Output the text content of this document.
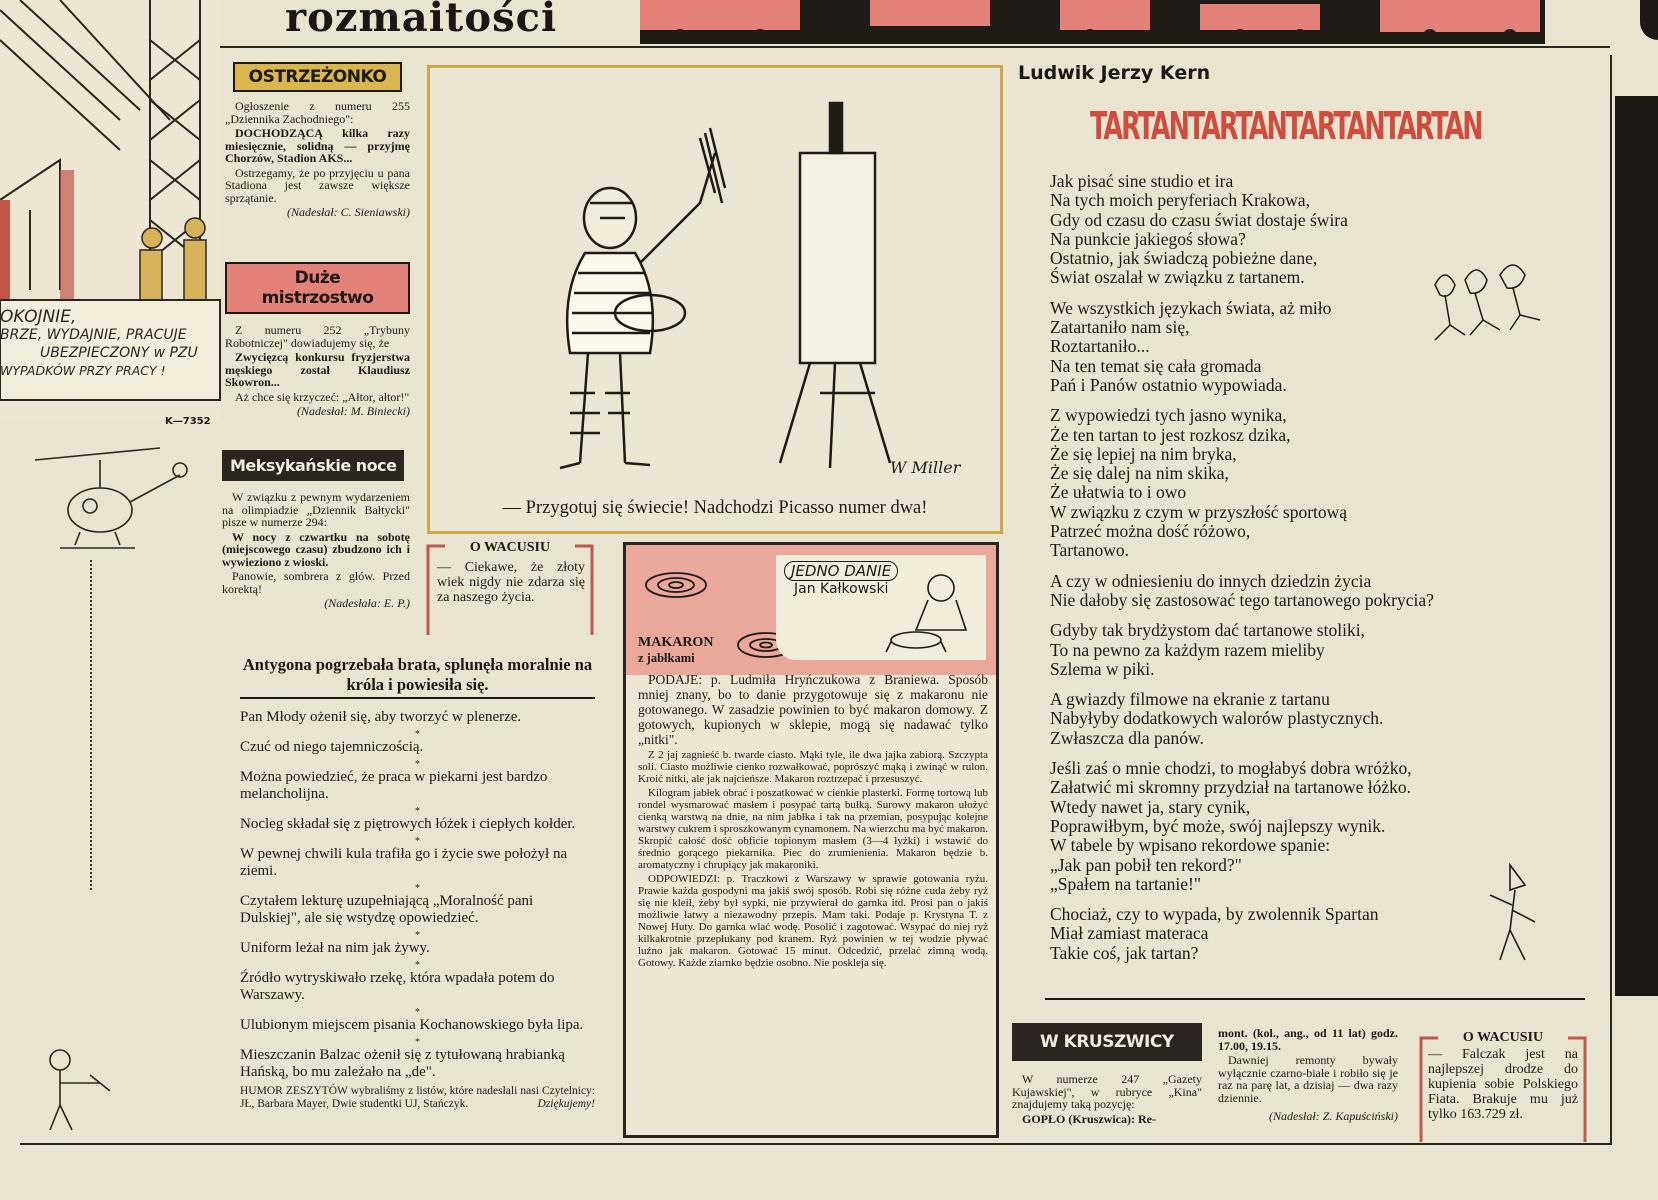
rozmaitości
OKOJNIE,
BRZE, WYDAJNIE, PRACUJE
UBEZPIECZONY w PZU
WYPADKÓW PRZY PRACY !
K—7352
OSTRZEŻONKO

Ogłoszenie z numeru 255 „Dziennika Zachodniego":

DOCHODZĄCĄ kilka razy miesięcznie, solidną — przyjmę Chorzów, Stadion AKS...

Ostrzegamy, że po przyjęciu u pana Stadiona jest zawsze większe sprzątanie.

(Nadesłał: C. Sieniawski)

Duże mistrzostwo

Z numeru 252 „Trybuny Robotniczej" dowiadujemy się, że

Zwycięzcą konkursu fryzjerstwa męskiego został Klaudiusz Skowron...

Aż chce się krzyczeć: „Ałtor, ałtor!"

(Nadesłał: M. Biniecki)

Meksykańskie noce

W związku z pewnym wydarzeniem na olimpiadzie „Dziennik Bałtycki" pisze w numerze 294:

W nocy z czwartku na sobotę (miejscowego czasu) zbudzono ich i wywieziono z wioski.

Panowie, sombrera z głów. Przed korektą!

(Nadesłała: E. P.)

W Miller
— Przygotuj się świecie! Nadchodzi Picasso numer dwa!
O WACUSIU
— Ciekawe, że złoty wiek nigdy nie zdarza się za naszego życia.
Antygona pogrzebała brata, splunęła moralnie na króla i powiesiła się.
Pan Młody ożenił się, aby tworzyć w plenerze.
*
Czuć od niego tajemniczością.
*
Można powiedzieć, że praca w piekarni jest bardzo melancholijna.
*
Nocleg składał się z piętrowych łóżek i ciepłych kołder.
*
W pewnej chwili kula trafiła go i życie swe położył na ziemi.
*
Czytałem lekturę uzupełniającą „Moralność pani Dulskiej", ale się wstydzę opowiedzieć.
*
Uniform leżał na nim jak żywy.
*
Źródło wytryskiwało rzekę, która wpadała potem do Warszawy.
*
Ulubionym miejscem pisania Kochanowskiego była lipa.
*
Mieszczanin Balzac ożenił się z tytułowaną hrabianką Hańską, bo mu zależało na „de".
HUMOR ZESZYTÓW wybraliśmy z listów, które nadesłali nasi Czytelnicy: JŁ, Barbara Mayer, Dwie studentki UJ, Stańczyk.	Dziękujemy!
JEDNO DANIE
Jan Kałkowski
MAKARON
z jabłkami

PODAJE: p. Ludmiła Hryńczukowa z Braniewa. Sposób mniej znany, bo to danie przygotowuje się z makaronu nie gotowanego. W zasadzie powinien to być makaron domowy. Z gotowych, kupionych w sklepie, mogą się nadawać tylko „nitki".

Z 2 jaj zagnieść b. twarde ciasto. Mąki tyle, ile dwa jajka zabiorą. Szczypta soli. Ciasto możliwie cienko rozwałkować, poprószyć mąką i zwinąć w rulon. Kroić nitki, ale jak najcieńsze. Makaron roztrzepać i przesuszyć.

Kilogram jabłek obrać i poszatkować w cienkie plasterki. Formę tortową lub rondel wysmarować masłem i posypać tartą bułką. Surowy makaron ułożyć cienką warstwą na dnie, na nim jabłka i tak na przemian, posypując kolejne warstwy cukrem i sproszkowanym cynamonem. Na wierzchu ma być makaron. Skropić całość dość obficie topionym masłem (3—4 łyżki) i wstawić do średnio gorącego piekarnika. Piec do zrumienienia. Makaron będzie b. aromatyczny i chrupiący jak makaroniki.

ODPOWIEDZI: p. Traczkowi z Warszawy w sprawie gotowania ryżu. Prawie każda gospodyni ma jakiś swój sposób. Robi się różne cuda żeby ryż się nie kleił, żeby był sypki, nie przywierał do garnka itd. Prosi pan o jakiś możliwie łatwy a niezawodny przepis. Mam taki. Podaje p. Krystyna T. z Nowej Huty. Do garnka wlać wodę. Posolić i zagotować. Wsypać do niej ryż kilkakrotnie przepłukany pod kranem. Ryż powinien w tej wodzie pływać luźno jak makaron. Gotować 15 minut. Odcedzić, przelać zimną wodą. Gotowy. Każde ziarnko będzie osobno. Nie poskleja się.

Ludwik Jerzy Kern
TARTANTARTANTARTANTARTAN
Jak pisać sine studio et ira
Na tych moich peryferiach Krakowa,
Gdy od czasu do czasu świat dostaje świra
Na punkcie jakiegoś słowa?
Ostatnio, jak świadczą pobieżne dane,
Świat oszalał w związku z tartanem.
We wszystkich językach świata, aż miło
Zatartaniło nam się,
Roztartaniło...
Na ten temat się cała gromada
Pań i Panów ostatnio wypowiada.
Z wypowiedzi tych jasno wynika,
Że ten tartan to jest rozkosz dzika,
Że się lepiej na nim bryka,
Że się dalej na nim skika,
Że ułatwia to i owo
W związku z czym w przyszłość sportową
Patrzeć można dość różowo,
Tartanowo.
A czy w odniesieniu do innych dziedzin życia
Nie dałoby się zastosować tego tartanowego pokrycia?
Gdyby tak brydżystom dać tartanowe stoliki,
To na pewno za każdym razem mieliby
Szlema w piki.
A gwiazdy filmowe na ekranie z tartanu
Nabyłyby dodatkowych walorów plastycznych.
Zwłaszcza dla panów.
Jeśli zaś o mnie chodzi, to mogłabyś dobra wróżko,
Załatwić mi skromny przydział na tartanowe łóżko.
Wtedy nawet ja, stary cynik,
Poprawiłbym, być może, swój najlepszy wynik.
W tabele by wpisano rekordowe spanie:
„Jak pan pobił ten rekord?"
„Spałem na tartanie!"
Chociaż, czy to wypada, by zwolennik Spartan
Miał zamiast materaca
Takie coś, jak tartan?
W KRUSZWICY

W numerze 247 „Gazety Kujawskiej", w rubryce „Kina" znajdujemy taką pozycję:

GOPŁO (Kruszwica): Re-

mont. (kol., ang., od 11 lat) godz. 17.00, 19.15.

Dawniej remonty bywały wyłącznie czarno-białe i robiło się je raz na parę lat, a dzisiaj — dwa razy dziennie.

(Nadesłał: Z. Kapuściński)

O WACUSIU
— Falczak jest na najlepszej drodze do kupienia sobie Polskiego Fiata. Brakuje mu już tylko 163.729 zł.
